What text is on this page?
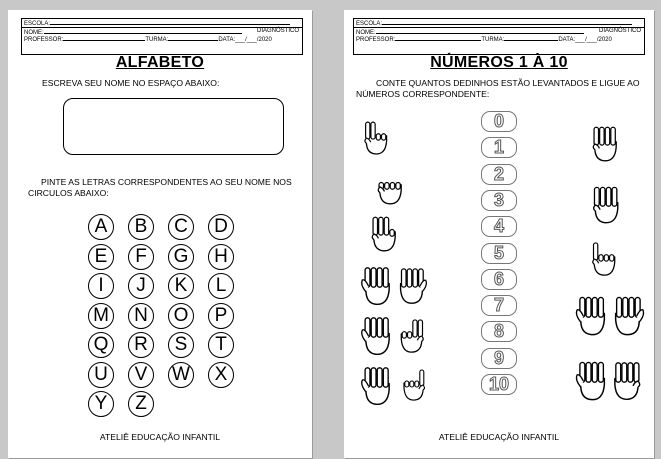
ESCOLA:
NOME:	DIAGNÓSTICO
PROFESSOR:	TURMA:	DATA:___/___/2020
ALFABETO
ESCREVA SEU NOME NO ESPAÇO ABAIXO:
PINTE AS LETRAS CORRESPONDENTES AO SEU NOME NOS CIRCULOS ABAIXO:
A	B	C	D
E	F	G	H
I	J	K	L
M	N	O	P
Q	R	S	T
U	V	W	X
Y	Z
ATELIÊ EDUCAÇÃO INFANTIL
ESCOLA:
NOME:	DIAGNÓSTICO
PROFESSOR:	TURMA:	DATA:___/___/2020
NÚMEROS 1 À 10
CONTE QUANTOS DEDINHOS ESTÃO LEVANTADOS E LIGUE AO NÚMEROS CORRESPONDENTE:
0
1
2
3
4
5
6
7
8
9
10
ATELIÊ EDUCAÇÃO INFANTIL
